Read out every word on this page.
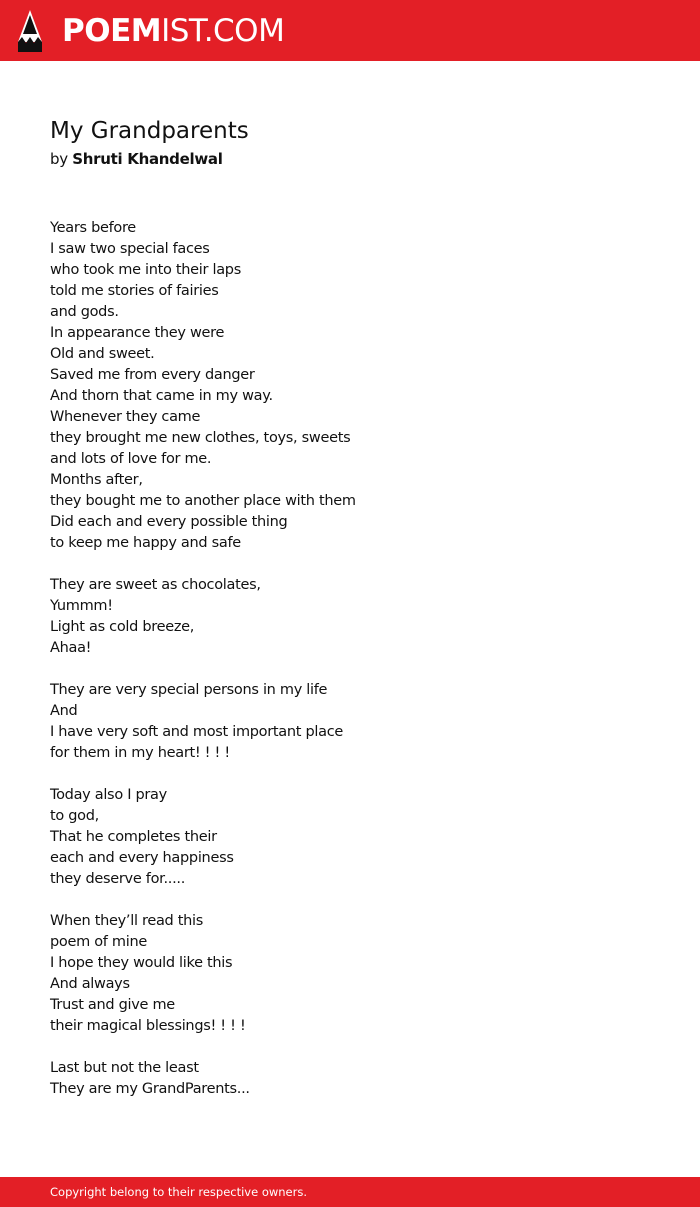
POEMIST.COM
My Grandparents
by Shruti Khandelwal
Years before
I saw two special faces
who took me into their laps
told me stories of fairies
and gods.
In appearance they were
Old and sweet.
Saved me from every danger
And thorn that came in my way.
Whenever they came
they brought me new clothes, toys, sweets
and lots of love for me.
Months after,
they bought me to another place with them
Did each and every possible thing
to keep me happy and safe
They are sweet as chocolates,
Yummm!
Light as cold breeze,
Ahaa!
They are very special persons in my life
And
I have very soft and most important place
for them in my heart! ! ! !
Today also I pray
to god,
That he completes their
each and every happiness
they deserve for.....
When they’ll read this
poem of mine
I hope they would like this
And always
Trust and give me
their magical blessings! ! ! !
Last but not the least
They are my GrandParents...
Copyright belong to their respective owners.
